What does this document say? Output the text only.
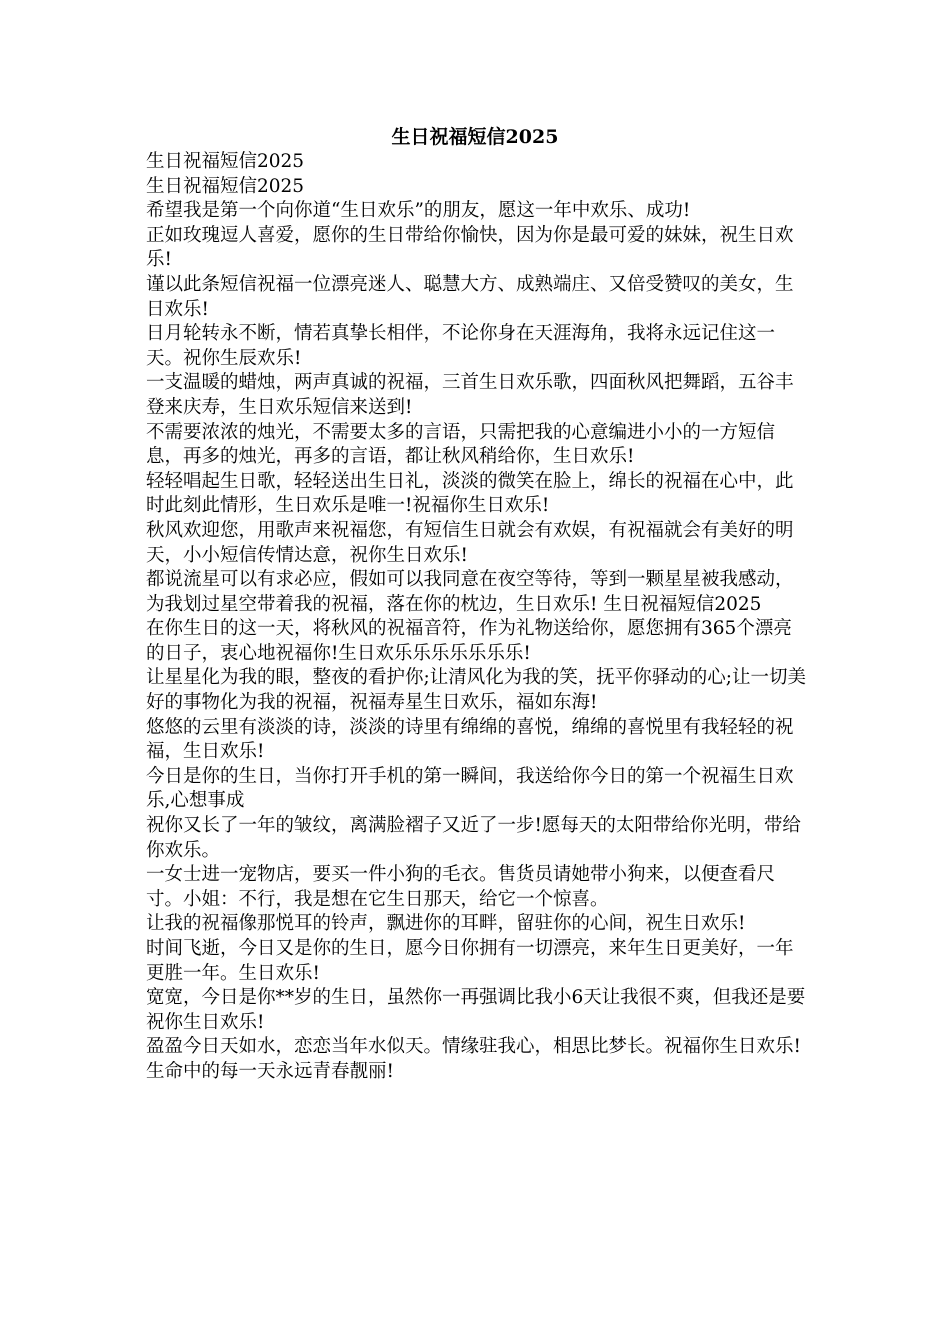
生日祝福短信2025

生日祝福短信2025

生日祝福短信2025

希望我是第一个向你道“生日欢乐”的朋友，愿这一年中欢乐、成功!

正如玫瑰逗人喜爱，愿你的生日带给你愉快，因为你是最可爱的妹妹，祝生日欢乐!

谨以此条短信祝福一位漂亮迷人、聪慧大方、成熟端庄、又倍受赞叹的美女，生日欢乐!

日月轮转永不断，情若真挚长相伴，不论你身在天涯海角，我将永远记住这一天。祝你生辰欢乐!

一支温暖的蜡烛，两声真诚的祝福，三首生日欢乐歌，四面秋风把舞蹈，五谷丰登来庆寿，生日欢乐短信来送到!

不需要浓浓的烛光，不需要太多的言语，只需把我的心意编进小小的一方短信息，再多的烛光，再多的言语，都让秋风稍给你，生日欢乐!

轻轻唱起生日歌，轻轻送出生日礼，淡淡的微笑在脸上，绵长的祝福在心中，此时此刻此情形，生日欢乐是唯一!祝福你生日欢乐!

秋风欢迎您，用歌声来祝福您，有短信生日就会有欢娱，有祝福就会有美好的明天，小小短信传情达意，祝你生日欢乐!

都说流星可以有求必应，假如可以我同意在夜空等待，等到一颗星星被我感动，为我划过星空带着我的祝福，落在你的枕边，生日欢乐! 生日祝福短信2025

在你生日的这一天，将秋风的祝福音符，作为礼物送给你，愿您拥有365个漂亮的日子，衷心地祝福你!生日欢乐乐乐乐乐乐乐!

让星星化为我的眼，整夜的看护你;让清风化为我的笑，抚平你驿动的心;让一切美好的事物化为我的祝福，祝福寿星生日欢乐，福如东海!

悠悠的云里有淡淡的诗，淡淡的诗里有绵绵的喜悦，绵绵的喜悦里有我轻轻的祝福，生日欢乐!

今日是你的生日，当你打开手机的第一瞬间，我送给你今日的第一个祝福生日欢乐,心想事成

祝你又长了一年的皱纹，离满脸褶子又近了一步!愿每天的太阳带给你光明，带给你欢乐。

一女士进一宠物店，要买一件小狗的毛衣。售货员请她带小狗来，以便查看尺寸。小姐：不行，我是想在它生日那天，给它一个惊喜。

让我的祝福像那悦耳的铃声，飘进你的耳畔，留驻你的心间，祝生日欢乐!

时间飞逝，今日又是你的生日，愿今日你拥有一切漂亮，来年生日更美好，一年更胜一年。生日欢乐!

宽宽，今日是你**岁的生日，虽然你一再强调比我小6天让我很不爽，但我还是要祝你生日欢乐!

盈盈今日天如水，恋恋当年水似天。情缘驻我心，相思比梦长。祝福你生日欢乐!生命中的每一天永远青春靓丽!
